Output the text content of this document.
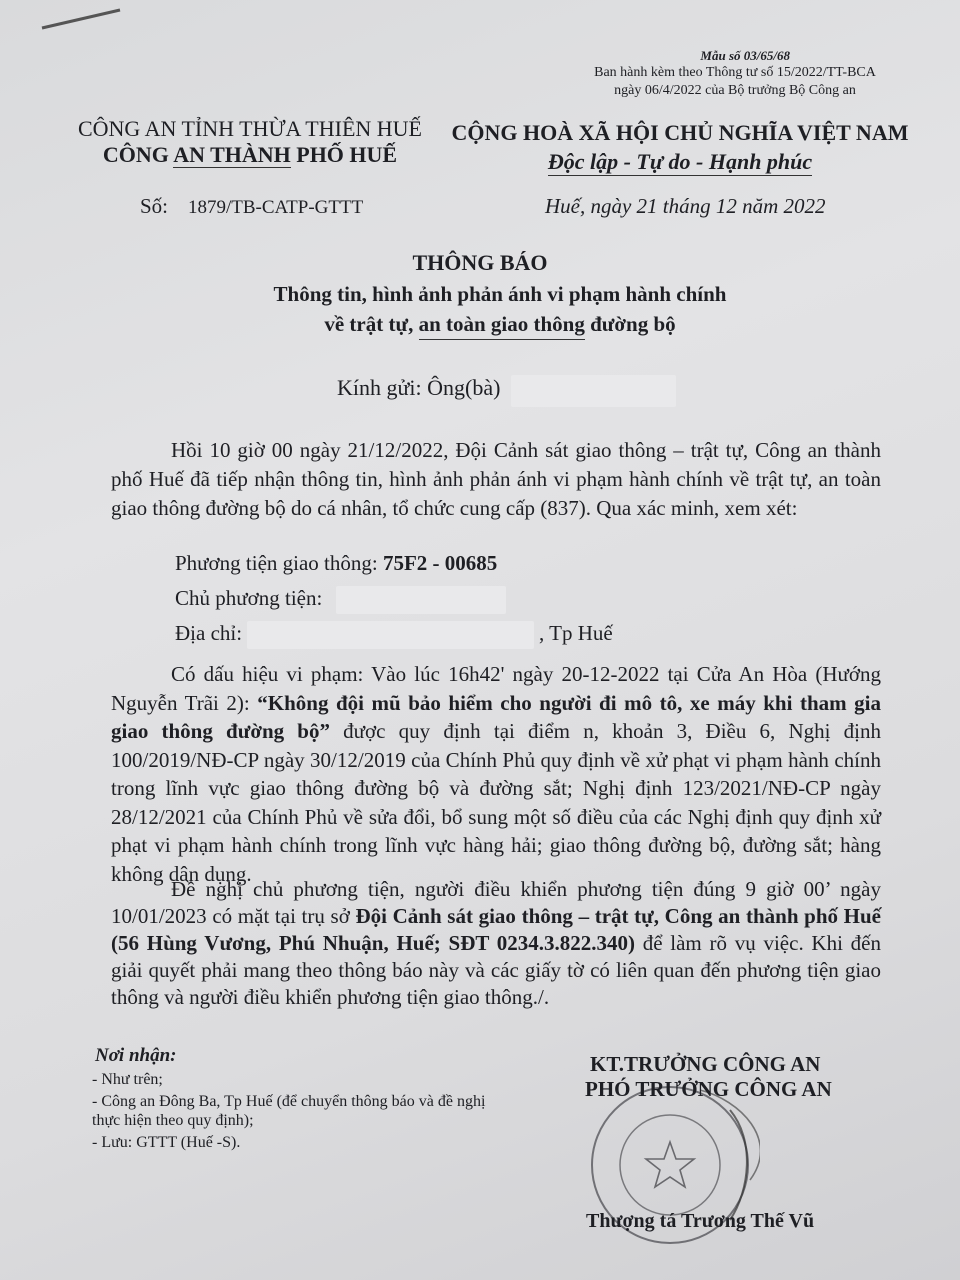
Mẫu số 03/65/68
Ban hành kèm theo Thông tư số 15/2022/TT-BCA
ngày 06/4/2022 của Bộ trưởng Bộ Công an
CÔNG AN TỈNH THỪA THIÊN HUẾ
CÔNG AN THÀNH PHỐ HUẾ
CỘNG HOÀ XÃ HỘI CHỦ NGHĨA VIỆT NAM
Độc lập - Tự do - Hạnh phúc
Số: 1879/TB-CATP-GTTT	Huế, ngày 21 tháng 12 năm 2022
THÔNG BÁO
Thông tin, hình ảnh phản ánh vi phạm hành chính
về trật tự, an toàn giao thông đường bộ
Kính gửi: Ông(bà)
Hồi 10 giờ 00 ngày 21/12/2022, Đội Cảnh sát giao thông – trật tự, Công an thành phố Huế đã tiếp nhận thông tin, hình ảnh phản ánh vi phạm hành chính về trật tự, an toàn giao thông đường bộ do cá nhân, tổ chức cung cấp (837). Qua xác minh, xem xét:
Phương tiện giao thông: 75F2 - 00685
Chủ phương tiện:
Địa chỉ:	, Tp Huế
Có dấu hiệu vi phạm: Vào lúc 16h42' ngày 20-12-2022 tại Cửa An Hòa (Hướng Nguyễn Trãi 2): “Không đội mũ bảo hiểm cho người đi mô tô, xe máy khi tham gia giao thông đường bộ” được quy định tại điểm n, khoản 3, Điều 6, Nghị định 100/2019/NĐ-CP ngày 30/12/2019 của Chính Phủ quy định về xử phạt vi phạm hành chính trong lĩnh vực giao thông đường bộ và đường sắt; Nghị định 123/2021/NĐ-CP ngày 28/12/2021 của Chính Phủ về sửa đổi, bổ sung một số điều của các Nghị định quy định xử phạt vi phạm hành chính trong lĩnh vực hàng hải; giao thông đường bộ, đường sắt; hàng không dân dụng.
Đề nghị chủ phương tiện, người điều khiển phương tiện đúng 9 giờ 00’ ngày 10/01/2023 có mặt tại trụ sở Đội Cảnh sát giao thông – trật tự, Công an thành phố Huế (56 Hùng Vương, Phú Nhuận, Huế; SĐT 0234.3.822.340) để làm rõ vụ việc. Khi đến giải quyết phải mang theo thông báo này và các giấy tờ có liên quan đến phương tiện giao thông và người điều khiển phương tiện giao thông./.
Nơi nhận:
- Như trên;
- Công an Đông Ba, Tp Huế (để chuyển thông báo và đề nghị thực hiện theo quy định);
- Lưu: GTTT (Huế -S).
KT.TRƯỞNG CÔNG AN
PHÓ TRƯỞNG CÔNG AN
Thượng tá Trương Thế Vũ
